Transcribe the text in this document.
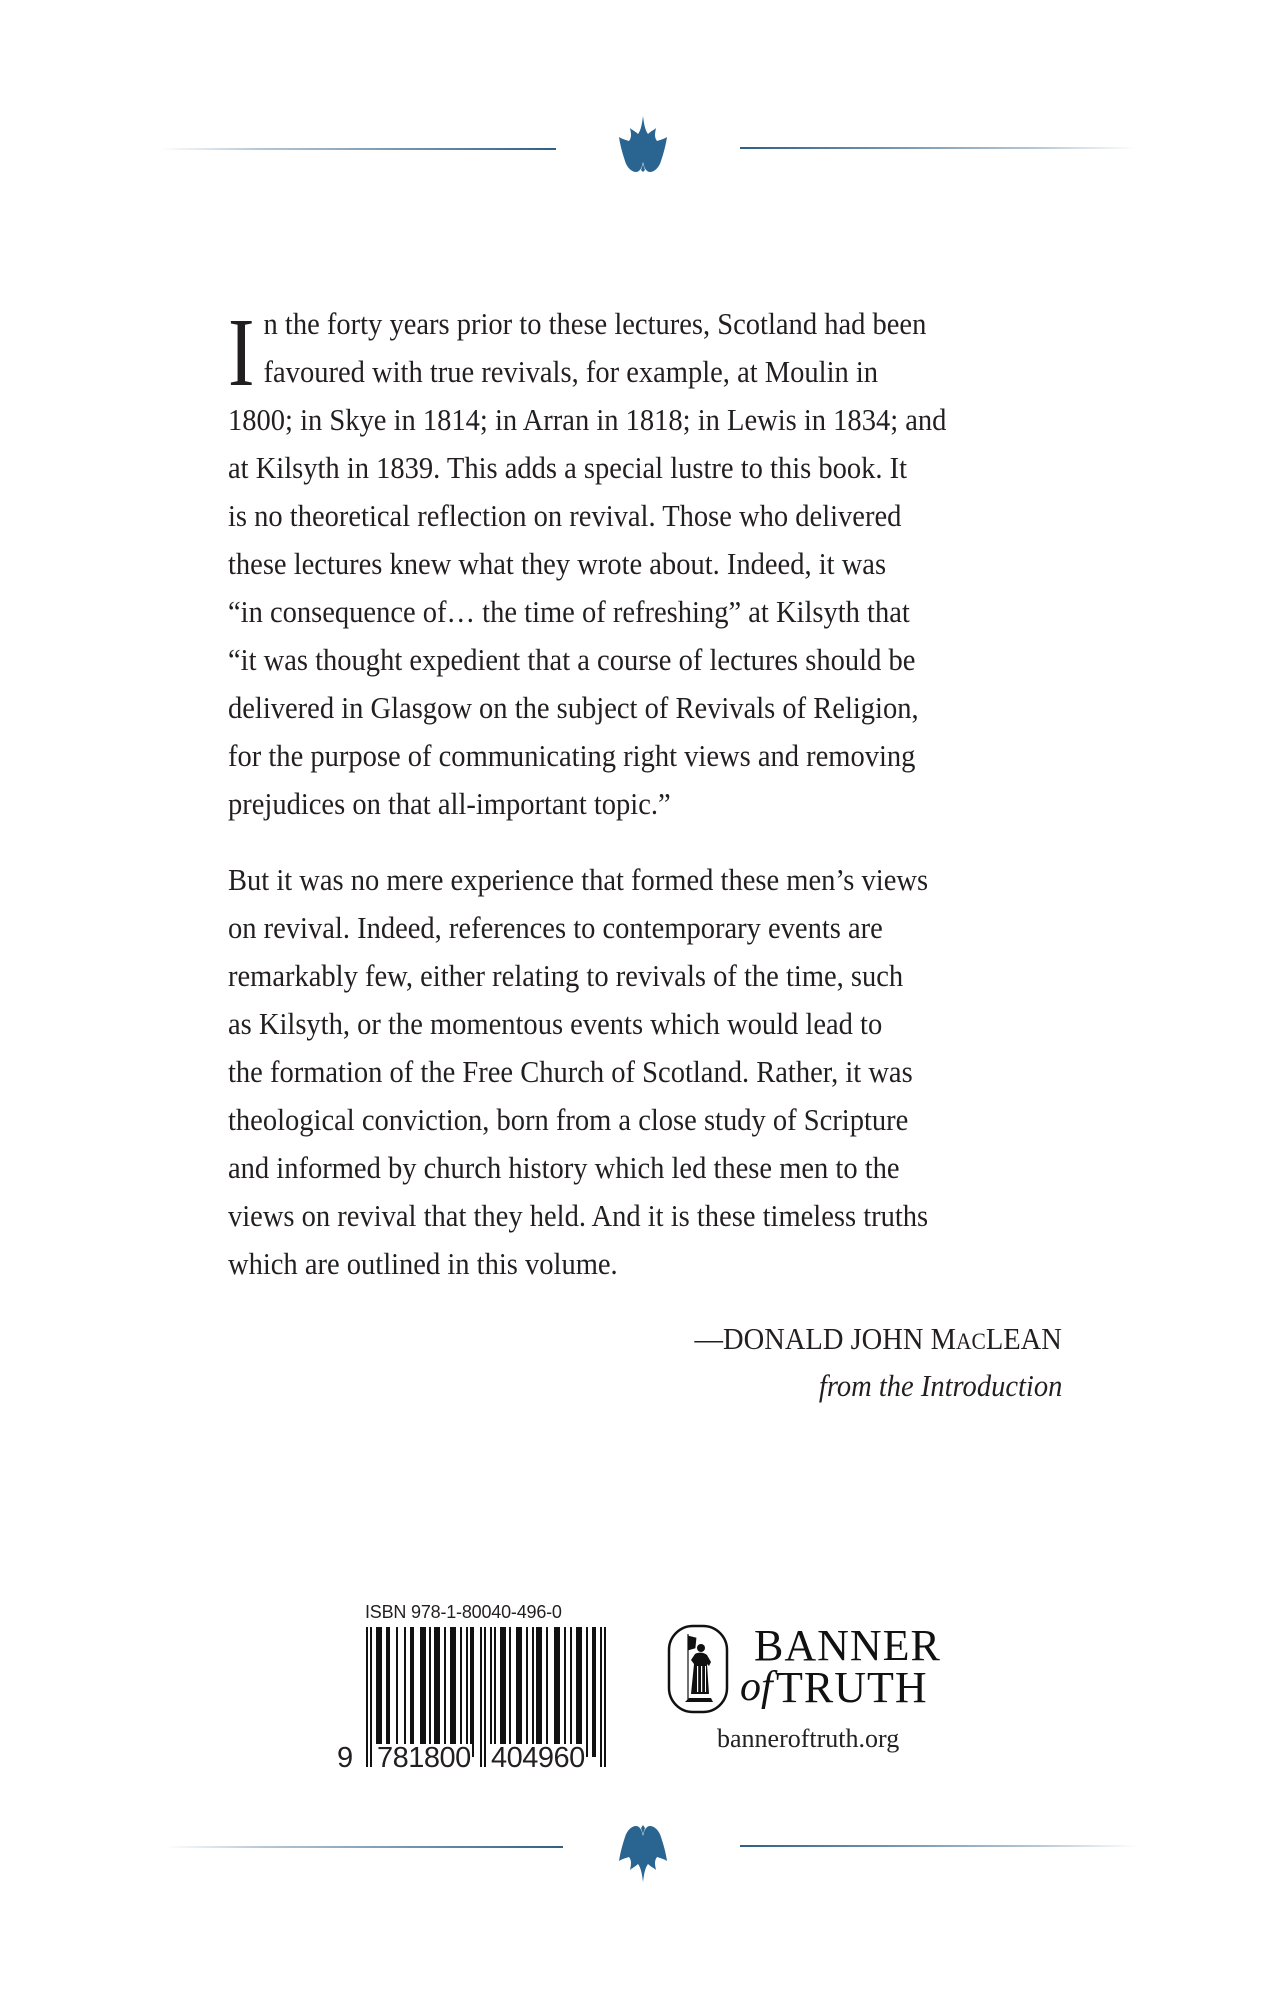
I n the forty years prior to these lectures, Scotland had been
favoured with true revivals, for example, at Moulin in
1800; in Skye in 1814; in Arran in 1818; in Lewis in 1834; and
at Kilsyth in 1839. This adds a special lustre to this book. It
is no theoretical reflection on revival. Those who delivered
these lectures knew what they wrote about. Indeed, it was
“in consequence of… the time of refreshing” at Kilsyth that
“it was thought expedient that a course of lectures should be
delivered in Glasgow on the subject of Revivals of Religion,
for the purpose of communicating right views and removing
prejudices on that all-important topic.”
But it was no mere experience that formed these men’s views
on revival. Indeed, references to contemporary events are
remarkably few, either relating to revivals of the time, such
as Kilsyth, or the momentous events which would lead to
the formation of the Free Church of Scotland. Rather, it was
theological conviction, born from a close study of Scripture
and informed by church history which led these men to the
views on revival that they held. And it is these timeless truths
which are outlined in this volume.
—DONALD JOHN MACLEAN
from the Introduction
ISBN 978-1-80040-496-0
9 781800 404960
BANNER
of TRUTH
banneroftruth.org
